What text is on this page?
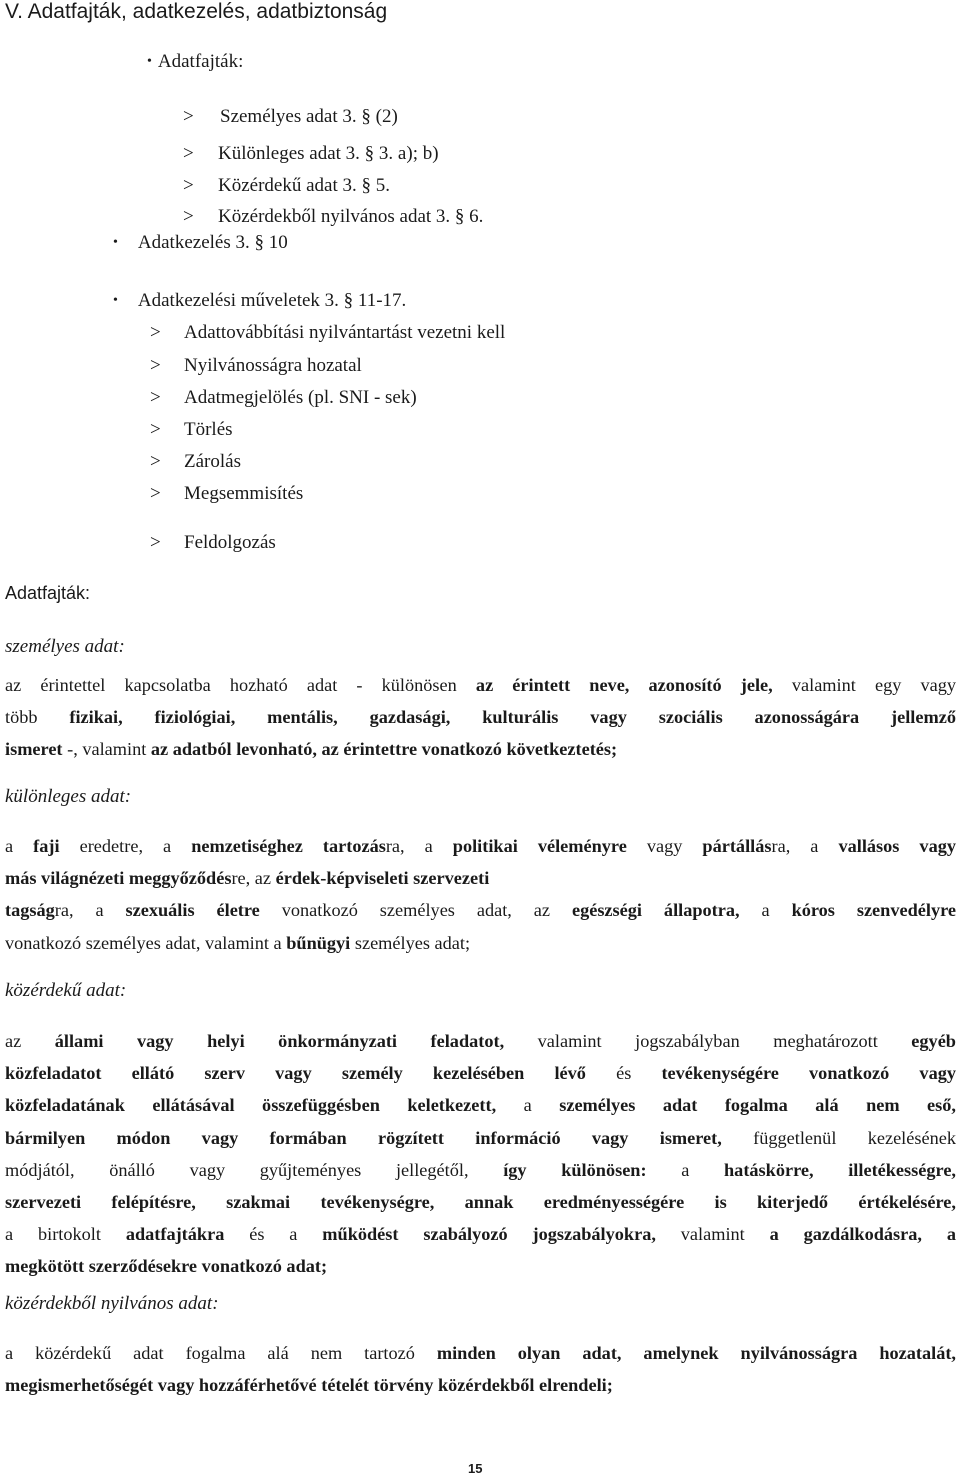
V. Adatfajták, adatkezelés, adatbiztonság
• Adatfajták:
> Személyes adat 3. § (2)
> Különleges adat 3. § 3. a); b)
> Közérdekű adat 3. § 5.
> Közérdekből nyilvános adat 3. § 6.
• Adatkezelés 3. § 10
• Adatkezelési műveletek 3. § 11-17.
> Adattovábbítási nyilvántartást vezetni kell
> Nyilvánosságra hozatal
> Adatmegjelölés (pl. SNI - sek)
> Törlés
> Zárolás
> Megsemmisítés
> Feldolgozás
Adatfajták:
személyes adat:
az érintettel kapcsolatba hozható adat - különösen az érintett neve, azonosító jele, valamint egy vagy
több fizikai, fiziológiai, mentális, gazdasági, kulturális vagy szociális azonosságára jellemző
ismeret -, valamint az adatból levonható, az érintettre vonatkozó következtetés;
különleges adat:
a faji eredetre, a nemzetiséghez tartozásra, a politikai véleményre vagy pártállásra, a vallásos vagy
más világnézeti meggyőződésre, az érdek-képviseleti szervezeti
tagságra, a szexuális életre vonatkozó személyes adat, az egészségi állapotra, a kóros szenvedélyre
vonatkozó személyes adat, valamint a bűnügyi személyes adat;
közérdekű adat:
az állami vagy helyi önkormányzati feladatot, valamint jogszabályban meghatározott egyéb
közfeladatot ellátó szerv vagy személy kezelésében lévő és tevékenységére vonatkozó vagy
közfeladatának ellátásával összefüggésben keletkezett, a személyes adat fogalma alá nem eső,
bármilyen módon vagy formában rögzített információ vagy ismeret, függetlenül kezelésének
módjától, önálló vagy gyűjteményes jellegétől, így különösen: a hatáskörre, illetékességre,
szervezeti felépítésre, szakmai tevékenységre, annak eredményességére is kiterjedő értékelésére,
a birtokolt adatfajtákra és a működést szabályozó jogszabályokra, valamint a gazdálkodásra, a
megkötött szerződésekre vonatkozó adat;
közérdekből nyilvános adat:
a közérdekű adat fogalma alá nem tartozó minden olyan adat, amelynek nyilvánosságra hozatalát,
megismerhetőségét vagy hozzáférhetővé tételét törvény közérdekből elrendeli;
15
